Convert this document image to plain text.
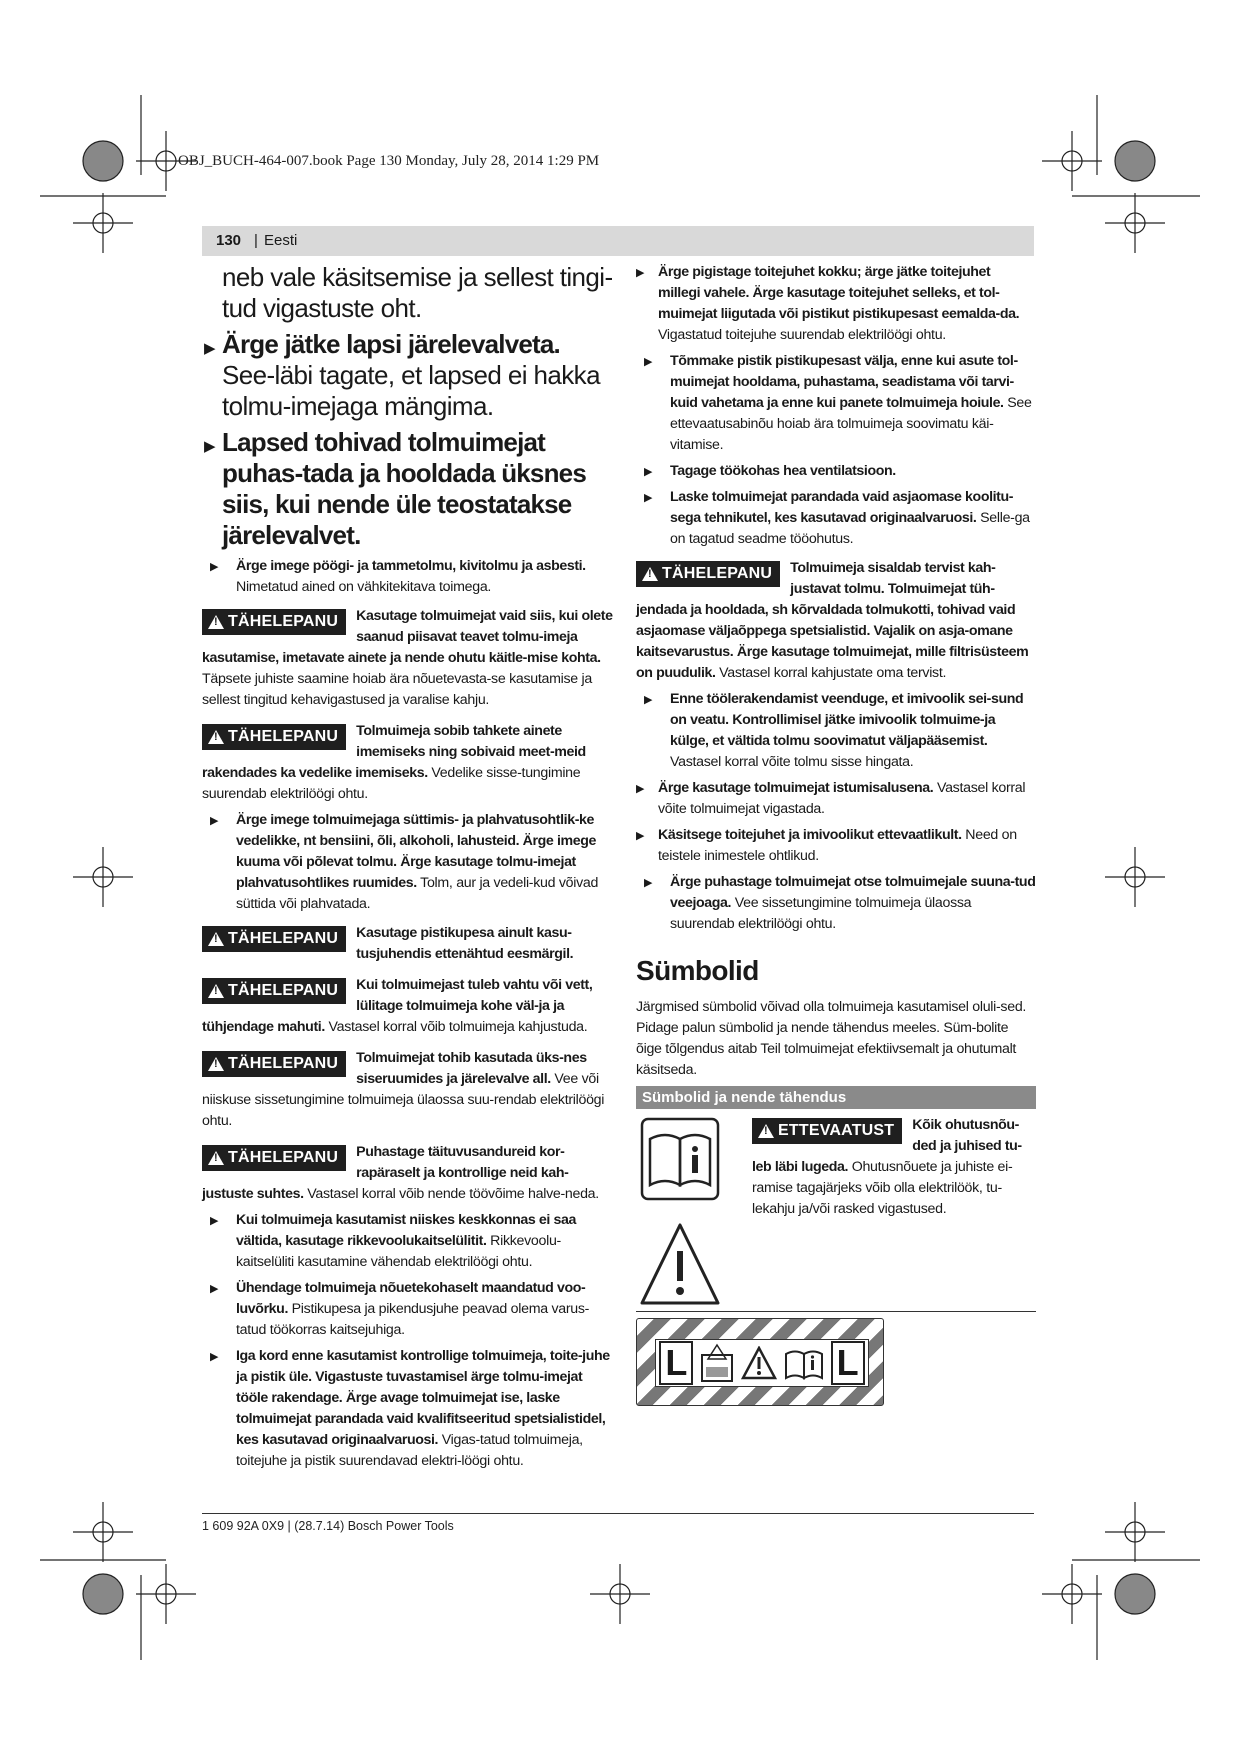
OBJ_BUCH-464-007.book Page 130 Monday, July 28, 2014 1:29 PM
130 | Eesti
neb vale käsitsemise ja sellest tingi-tud vigastuste oht.
▶ Ärge jätke lapsi järelevalveta. See-läbi tagate, et lapsed ei hakka tolmu-imejaga mängima.
▶ Lapsed tohivad tolmuimejat puhas-tada ja hooldada üksnes siis, kui nende üle teostatakse järelevalvet.
▶ Ärge imege pöögi- ja tammetolmu, kivitolmu ja asbesti. Nimetatud ained on vähkitekitava toimega.
!
TÄHELEPANU Kasutage tolmuimejat vaid siis, kui olete saanud piisavat teavet tolmu-imeja kasutamise, imetavate ainete ja nende ohutu käitle-mise kohta. Täpsete juhiste saamine hoiab ära nõuetevasta-se kasutamise ja sellest tingitud kehavigastused ja varalise kahju.
!
TÄHELEPANU Tolmuimeja sobib tahkete ainete imemiseks ning sobivaid meet-meid rakendades ka vedelike imemiseks. Vedelike sisse-tungimine suurendab elektrilöögi ohtu.
▶ Ärge imege tolmuimejaga süttimis- ja plahvatusohtlik-ke vedelikke, nt bensiini, õli, alkoholi, lahusteid. Ärge imege kuuma või põlevat tolmu. Ärge kasutage tolmu-imejat plahvatusohtlikes ruumides. Tolm, aur ja vedeli-kud võivad süttida või plahvatada.
!
TÄHELEPANU Kasutage pistikupesa ainult kasu-tusjuhendis ettenähtud eesmärgil.
!
TÄHELEPANU Kui tolmuimejast tuleb vahtu või vett, lülitage tolmuimeja kohe väl-ja ja tühjendage mahuti. Vastasel korral võib tolmuimeja kahjustuda.
!
TÄHELEPANU Tolmuimejat tohib kasutada üks-nes siseruumides ja järelevalve all. Vee või niiskuse sissetungimine tolmuimeja ülaossa suu-rendab elektrilöögi ohtu.
!
TÄHELEPANU Puhastage täituvusandureid kor-rapäraselt ja kontrollige neid kah-justuste suhtes. Vastasel korral võib nende töövõime halve-neda.
▶ Kui tolmuimeja kasutamist niiskes keskkonnas ei saa vältida, kasutage rikkevoolukaitselülitit. Rikkevoolu-kaitselüliti kasutamine vähendab elektrilöögi ohtu.
▶ Ühendage tolmuimeja nõuetekohaselt maandatud voo-luvõrku. Pistikupesa ja pikendusjuhe peavad olema varus-tatud töökorras kaitsejuhiga.
▶ Iga kord enne kasutamist kontrollige tolmuimeja, toite-juhe ja pistik üle. Vigastuste tuvastamisel ärge tolmu-imejat tööle rakendage. Ärge avage tolmuimejat ise, laske tolmuimejat parandada vaid kvalifitseeritud spetsialistidel, kes kasutavad originaalvaruosi. Vigas-tatud tolmuimeja, toitejuhe ja pistik suurendavad elektri-löögi ohtu.
▶ Ärge pigistage toitejuhet kokku; ärge jätke toitejuhet millegi vahele. Ärge kasutage toitejuhet selleks, et tol-muimejat liigutada või pistikut pistikupesast eemalda-da. Vigastatud toitejuhe suurendab elektrilöögi ohtu.
▶ Tõmmake pistik pistikupesast välja, enne kui asute tol-muimejat hooldama, puhastama, seadistama või tarvi-kuid vahetama ja enne kui panete tolmuimeja hoiule. See ettevaatusabinõu hoiab ära tolmuimeja soovimatu käi-vitamise.
▶ Tagage töökohas hea ventilatsioon.
▶ Laske tolmuimejat parandada vaid asjaomase koolitu-sega tehnikutel, kes kasutavad originaalvaruosi. Selle-ga on tagatud seadme tööohutus.
!
TÄHELEPANU Tolmuimeja sisaldab tervist kah-justavat tolmu. Tolmuimejat tüh-jendada ja hooldada, sh kõrvaldada tolmukotti, tohivad vaid asjaomase väljaõppega spetsialistid. Vajalik on asja-omane kaitsevarustus. Ärge kasutage tolmuimejat, mille filtrisüsteem on puudulik. Vastasel korral kahjustate oma tervist.
▶ Enne töölerakendamist veenduge, et imivoolik sei-sund on veatu. Kontrollimisel jätke imivoolik tolmuime-ja külge, et vältida tolmu soovimatut väljapääsemist. Vastasel korral võite tolmu sisse hingata.
▶ Ärge kasutage tolmuimejat istumisalusena. Vastasel korral võite tolmuimejat vigastada.
▶ Käsitsege toitejuhet ja imivoolikut ettevaatlikult. Need on teistele inimestele ohtlikud.
▶ Ärge puhastage tolmuimejat otse tolmuimejale suuna-tud veejoaga. Vee sissetungimine tolmuimeja ülaossa suurendab elektrilöögi ohtu.
Sümbolid
Järgmised sümbolid võivad olla tolmuimeja kasutamisel oluli-sed. Pidage palun sümbolid ja nende tähendus meeles. Süm-bolite õige tõlgendus aitab Teil tolmuimejat efektiivsemalt ja ohutumalt käsitseda.
Sümbolid ja nende tähendus
!
ETTEVAATUST Kõik ohutusnõu-ded ja juhised tu-leb läbi lugeda. Ohutusnõuete ja juhiste ei-ramise tagajärjeks võib olla elektrilöök, tu-lekahju ja/või rasked vigastused.
L	L
1 609 92A 0X9 | (28.7.14) Bosch Power Tools
